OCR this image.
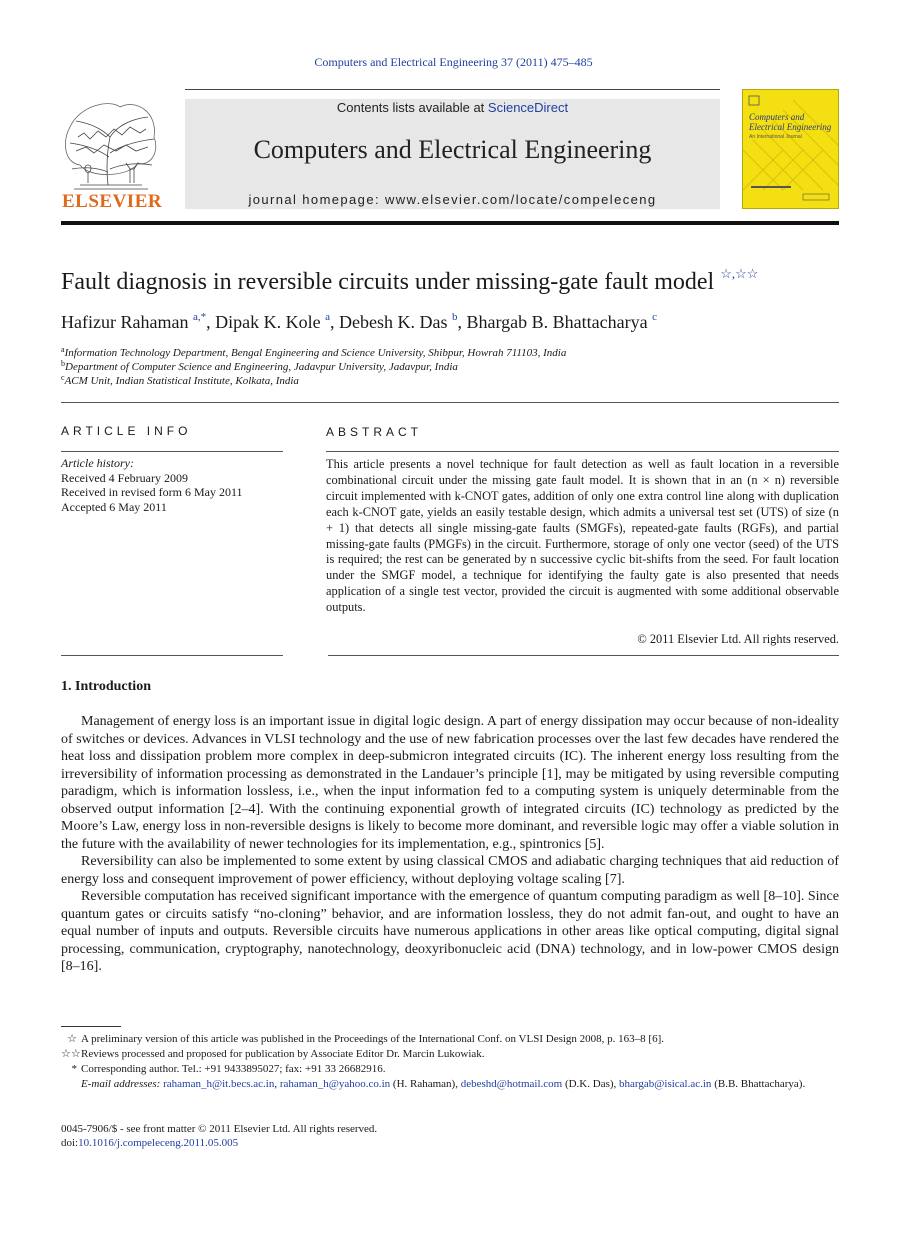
Computers and Electrical Engineering 37 (2011) 475–485
ELSEVIER
Contents lists available at ScienceDirect
Computers and Electrical Engineering
journal homepage: www.elsevier.com/locate/compeleceng
Computers and Electrical Engineering
An International Journal
Fault diagnosis in reversible circuits under missing-gate fault model ☆,☆☆
Hafizur Rahaman $^{a,*}$, Dipak K. Kole $^a$, Debesh K. Das $^b$, Bhargab B. Bhattacharya $^c$
$^a$Information Technology Department, Bengal Engineering and Science University, Shibpur, Howrah 711103, India
$^b$Department of Computer Science and Engineering, Jadavpur University, Jadavpur, India
$^c$ACM Unit, Indian Statistical Institute, Kolkata, India
ARTICLE INFO	ABSTRACT
Article history:
Received 4 February 2009
Received in revised form 6 May 2011
Accepted 6 May 2011
This article presents a novel technique for fault detection as well as fault location in a reversible combinational circuit under the missing gate fault model. It is shown that in an (n × n) reversible circuit implemented with k-CNOT gates, addition of only one extra control line along with duplication each k-CNOT gate, yields an easily testable design, which admits a universal test set (UTS) of size (n + 1) that detects all single missing-gate faults (SMGFs), repeated-gate faults (RGFs), and partial missing-gate faults (PMGFs) in the circuit. Furthermore, storage of only one vector (seed) of the UTS is required; the rest can be generated by n successive cyclic bit-shifts from the seed. For fault location under the SMGF model, a technique for identifying the faulty gate is also presented that needs application of a single test vector, provided the circuit is augmented with some additional observable outputs.
© 2011 Elsevier Ltd. All rights reserved.
1. Introduction

Management of energy loss is an important issue in digital logic design. A part of energy dissipation may occur because of non-ideality of switches or devices. Advances in VLSI technology and the use of new fabrication processes over the last few decades have rendered the heat loss and dissipation problem more complex in deep-submicron integrated circuits (IC). The inherent energy loss resulting from the irreversibility of information processing as demonstrated in the Landauer’s principle [1], may be mitigated by using reversible computing paradigm, which is information lossless, i.e., when the input information fed to a computing system is uniquely determinable from the observed output information [2–4]. With the continuing exponential growth of integrated circuits (IC) technology as predicted by the Moore’s Law, energy loss in non-reversible designs is likely to become more dominant, and reversible logic may offer a viable solution in the future with the availability of newer technologies for its implementation, e.g., spintronics [5].

Reversibility can also be implemented to some extent by using classical CMOS and adiabatic charging techniques that aid reduction of energy loss and consequent improvement of power efficiency, without deploying voltage scaling [7].

Reversible computation has received significant importance with the emergence of quantum computing paradigm as well [8–10]. Since quantum gates or circuits satisfy “no-cloning” behavior, and are information lossless, they do not admit fan-out, and ought to have an equal number of inputs and outputs. Reversible circuits have numerous applications in other areas like optical computing, digital signal processing, communication, cryptography, nanotechnology, deoxyribonucleic acid (DNA) technology, and in low-power CMOS design [8–16].

☆ A preliminary version of this article was published in the Proceedings of the International Conf. on VLSI Design 2008, p. 163–8 [6].
☆☆ Reviews processed and proposed for publication by Associate Editor Dr. Marcin Lukowiak.
* Corresponding author. Tel.: +91 9433895027; fax: +91 33 26682916.
E-mail addresses: rahaman_h@it.becs.ac.in, rahaman_h@yahoo.co.in (H. Rahaman), debeshd@hotmail.com (D.K. Das), bhargab@isical.ac.in (B.B. Bhattacharya).
0045-7906/$ - see front matter © 2011 Elsevier Ltd. All rights reserved.
doi:10.1016/j.compeleceng.2011.05.005
